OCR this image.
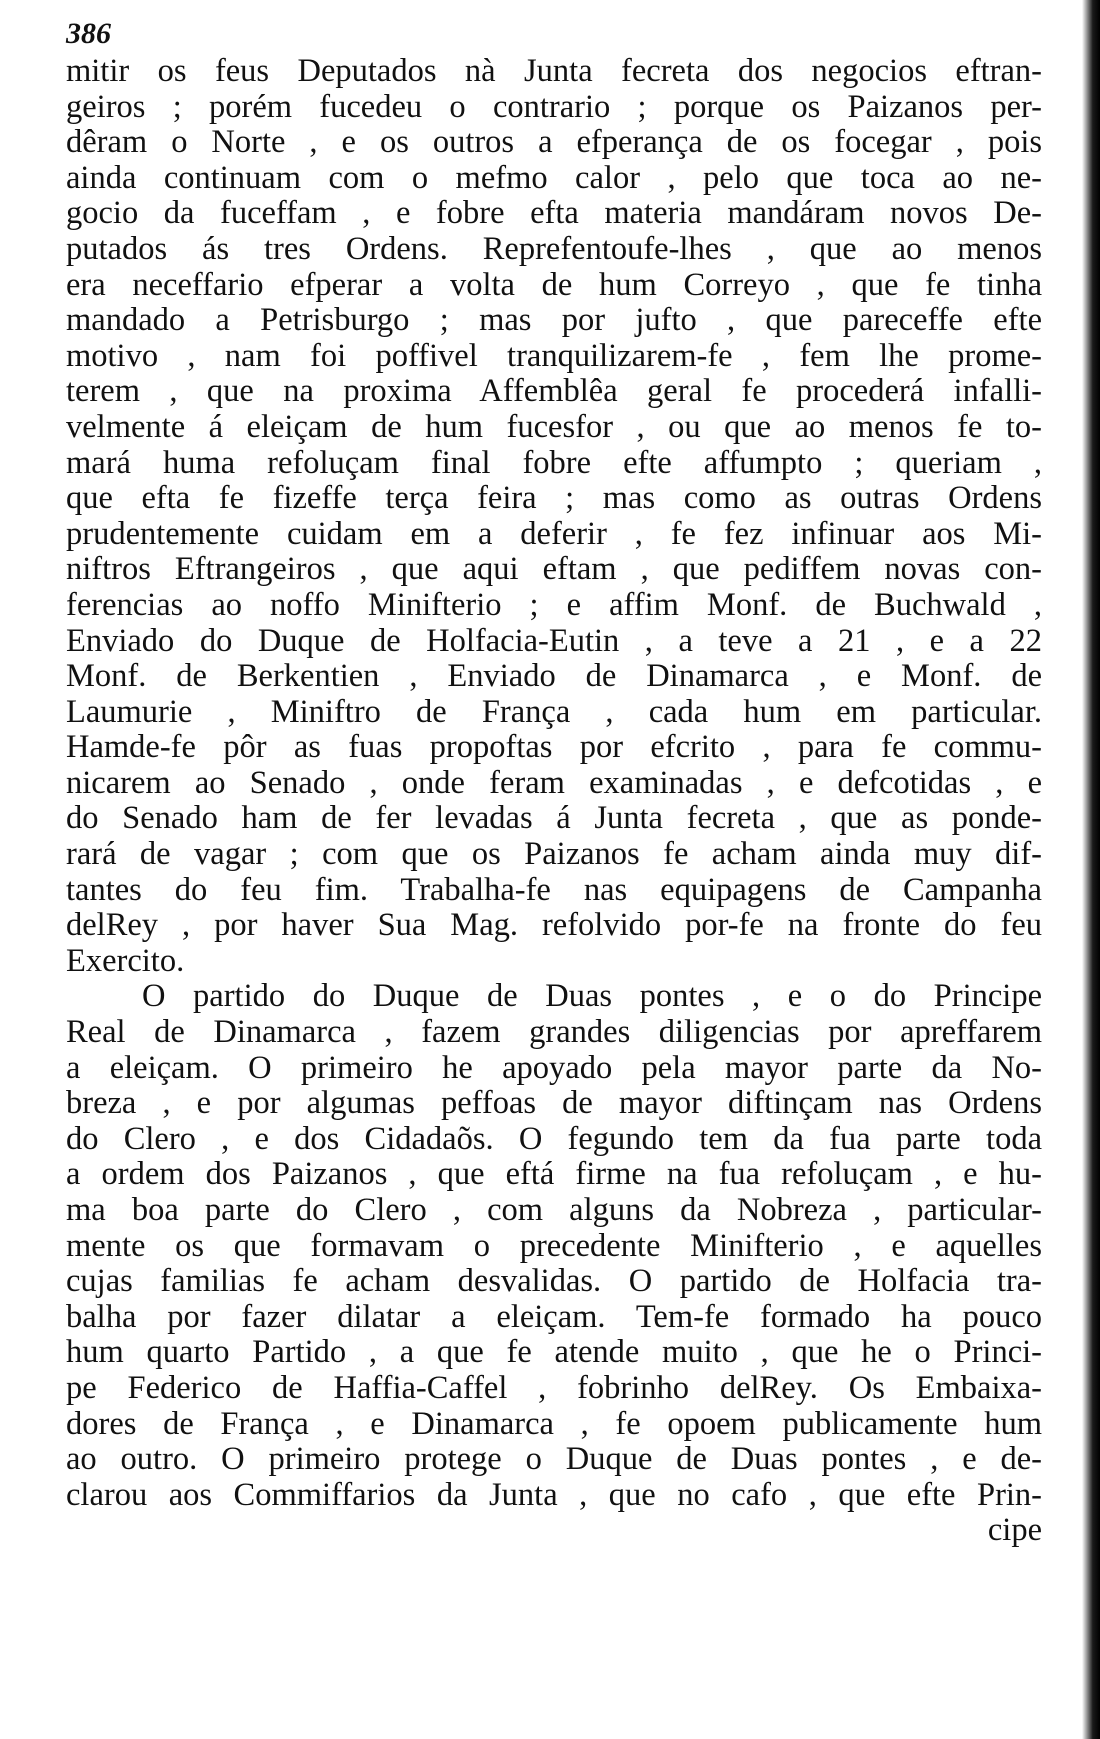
386
mitir os feus Deputados nà Junta fecreta dos negocios eftran-
geiros ; porém fucedeu o contrario ; porque os Paizanos per-
dêram o Norte , e os outros a efperança de os focegar , pois
ainda continuam com o mefmo calor , pelo que toca ao ne-
gocio da fuceffam , e fobre efta materia mandáram novos De-
putados ás tres Ordens. Reprefentoufe-lhes , que ao menos
era neceffario efperar a volta de hum Correyo , que fe tinha
mandado a Petrisburgo ; mas por jufto , que pareceffe efte
motivo , nam foi poffivel tranquilizarem-fe , fem lhe prome-
terem , que na proxima Affemblêa geral fe procederá infalli-
velmente á eleiçam de hum fucesfor , ou que ao menos fe to-
mará huma refoluçam final fobre efte affumpto ; queriam ,
que efta fe fizeffe terça feira ; mas como as outras Ordens
prudentemente cuidam em a deferir , fe fez infinuar aos Mi-
niftros Eftrangeiros , que aqui eftam , que pediffem novas con-
ferencias ao noffo Minifterio ; e affim Monf. de Buchwald ,
Enviado do Duque de Holfacia-Eutin , a teve a 21 , e a 22
Monf. de Berkentien , Enviado de Dinamarca , e Monf. de
Laumurie , Miniftro de França , cada hum em particular.
Hamde-fe pôr as fuas propoftas por efcrito , para fe commu-
nicarem ao Senado , onde feram examinadas , e defcotidas , e
do Senado ham de fer levadas á Junta fecreta , que as ponde-
rará de vagar ; com que os Paizanos fe acham ainda muy dif-
tantes do feu fim. Trabalha-fe nas equipagens de Campanha
delRey , por haver Sua Mag. refolvido por-fe na fronte do feu
Exercito.
O partido do Duque de Duas pontes , e o do Principe
Real de Dinamarca , fazem grandes diligencias por apreffarem
a eleiçam. O primeiro he apoyado pela mayor parte da No-
breza , e por algumas peffoas de mayor diftinçam nas Ordens
do Clero , e dos Cidadaõs. O fegundo tem da fua parte toda
a ordem dos Paizanos , que eftá firme na fua refoluçam , e hu-
ma boa parte do Clero , com alguns da Nobreza , particular-
mente os que formavam o precedente Minifterio , e aquelles
cujas familias fe acham desvalidas. O partido de Holfacia tra-
balha por fazer dilatar a eleiçam. Tem-fe formado ha pouco
hum quarto Partido , a que fe atende muito , que he o Princi-
pe Federico de Haffia-Caffel , fobrinho delRey. Os Embaixa-
dores de França , e Dinamarca , fe opoem publicamente hum
ao outro. O primeiro protege o Duque de Duas pontes , e de-
clarou aos Commiffarios da Junta , que no cafo , que efte Prin-
cipe
